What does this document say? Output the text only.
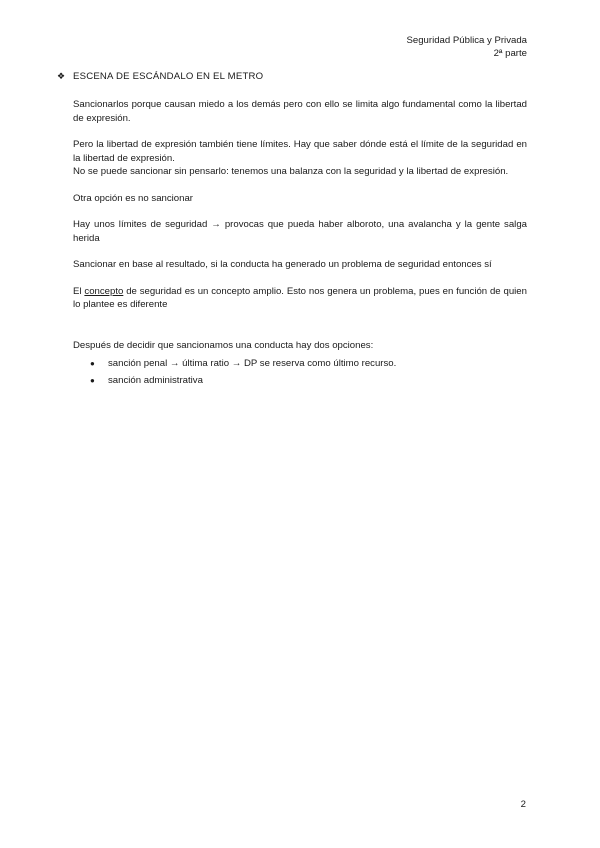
Seguridad Pública y Privada
2ª parte
❖ ESCENA DE ESCÁNDALO EN EL METRO

Sancionarlos porque causan miedo a los demás pero con ello se limita algo fundamental como la libertad de expresión.

Pero la libertad de expresión también tiene límites. Hay que saber dónde está el límite de la seguridad en la libertad de expresión.

No se puede sancionar sin pensarlo: tenemos una balanza con la seguridad y la libertad de expresión.

Otra opción es no sancionar

Hay unos límites de seguridad → provocas que pueda haber alboroto, una avalancha y la gente salga herida

Sancionar en base al resultado, si la conducta ha generado un problema de seguridad entonces sí

El concepto de seguridad es un concepto amplio. Esto nos genera un problema, pues en función de quien lo plantee es diferente

Después de decidir que sancionamos una conducta hay dos opciones:

●	sanción penal → última ratio → DP se reserva como último recurso.
●	sanción administrativa
2
